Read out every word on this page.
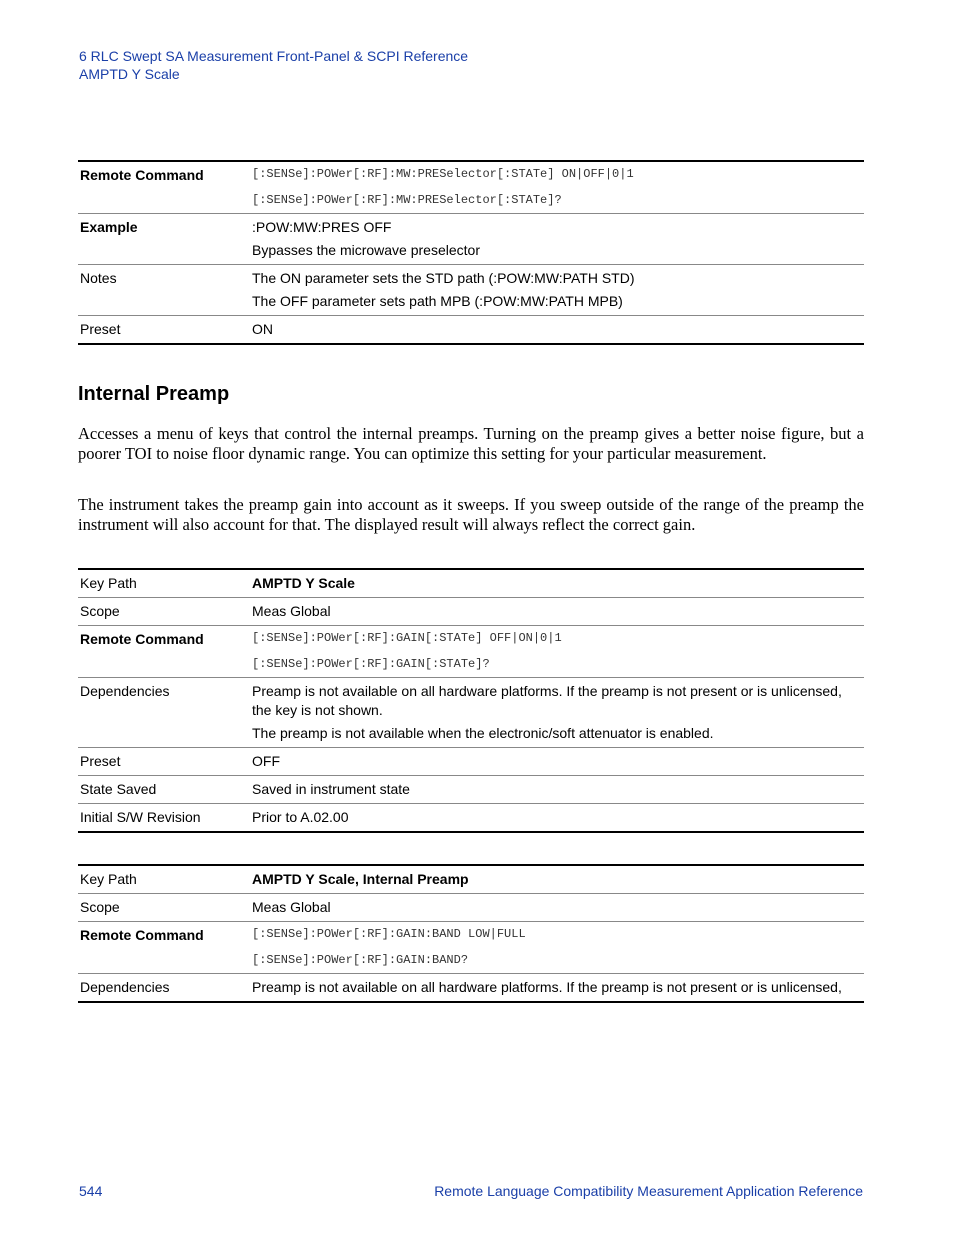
6 RLC Swept SA Measurement Front-Panel & SCPI Reference
AMPTD Y Scale
Remote Command	[:SENSe]:POWer[:RF]:MW:PRESelector[:STATe] ON|OFF|0|1
[:SENSe]:POWer[:RF]:MW:PRESelector[:STATe]?
Example	:POW:MW:PRES OFF
Bypasses the microwave preselector
Notes	The ON parameter sets the STD path (:POW:MW:PATH STD)
The OFF parameter sets path MPB (:POW:MW:PATH MPB)
Preset	ON
Internal Preamp
Accesses a menu of keys that control the internal preamps. Turning on the preamp gives a better noise figure, but a poorer TOI to noise floor dynamic range. You can optimize this setting for your particular measurement.
The instrument takes the preamp gain into account as it sweeps. If you sweep outside of the range of the preamp the instrument will also account for that. The displayed result will always reflect the correct gain.
Key Path	AMPTD Y Scale
Scope	Meas Global
Remote Command	[:SENSe]:POWer[:RF]:GAIN[:STATe] OFF|ON|0|1
[:SENSe]:POWer[:RF]:GAIN[:STATe]?
Dependencies	Preamp is not available on all hardware platforms. If the preamp is not present or is unlicensed, the key is not shown.
The preamp is not available when the electronic/soft attenuator is enabled.
Preset	OFF
State Saved	Saved in instrument state
Initial S/W Revision	Prior to A.02.00
Key Path	AMPTD Y Scale, Internal Preamp
Scope	Meas Global
Remote Command	[:SENSe]:POWer[:RF]:GAIN:BAND LOW|FULL
[:SENSe]:POWer[:RF]:GAIN:BAND?
Dependencies	Preamp is not available on all hardware platforms. If the preamp is not present or is unlicensed,
544	Remote Language Compatibility Measurement Application Reference
